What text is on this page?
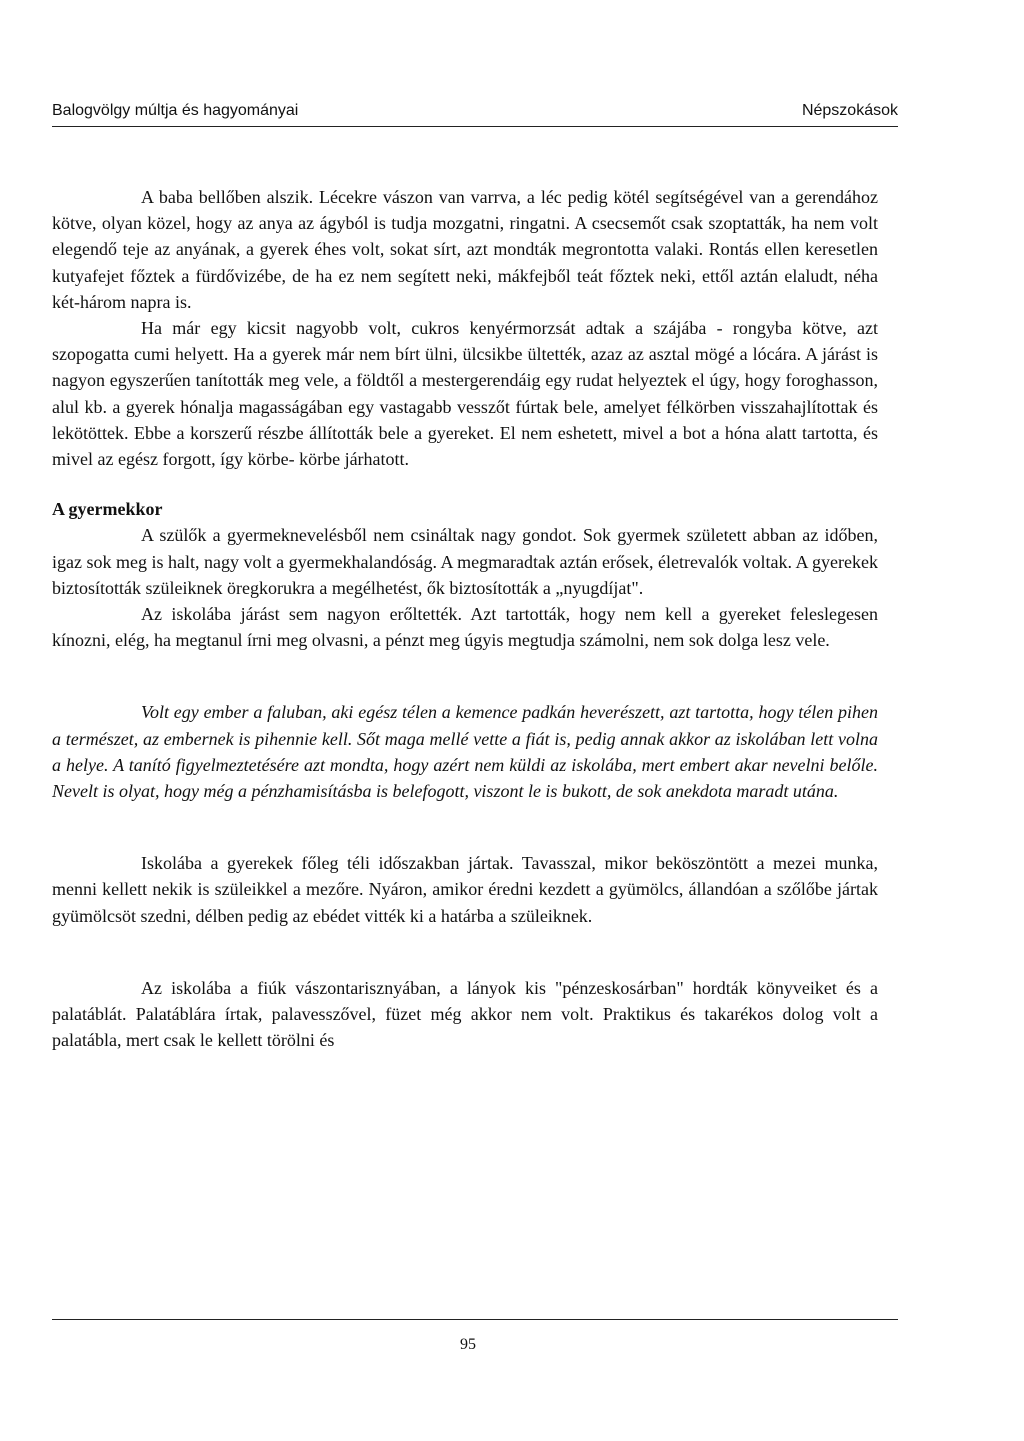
Balogvölgy múltja és hagyományai	Népszokások

A baba bellőben alszik. Lécekre vászon van varrva, a léc pedig kötél segítségével van a gerendához kötve, olyan közel, hogy az anya az ágyból is tudja mozgatni, ringatni. A csecsemőt csak szoptatták, ha nem volt elegendő teje az anyának, a gyerek éhes volt, sokat sírt, azt mondták megrontotta valaki. Rontás ellen keresetlen kutyafejet főztek a fürdővizébe, de ha ez nem segített neki, mákfejből teát főztek neki, ettől aztán elaludt, néha két-három napra is.

Ha már egy kicsit nagyobb volt, cukros kenyérmorzsát adtak a szájába - rongyba kötve, azt szopogatta cumi helyett. Ha a gyerek már nem bírt ülni, ülcsikbe ültették, azaz az asztal mögé a lócára. A járást is nagyon egyszerűen tanították meg vele, a földtől a mestergerendáig egy rudat helyeztek el úgy, hogy foroghasson, alul kb. a gyerek hónalja magasságában egy vastagabb vesszőt fúrtak bele, amelyet félkörben visszahajlítottak és lekötöttek. Ebbe a korszerű részbe állították bele a gyereket. El nem eshetett, mivel a bot a hóna alatt tartotta, és mivel az egész forgott, így körbe- körbe járhatott.

A gyermekkor

A szülők a gyermeknevelésből nem csináltak nagy gondot. Sok gyermek született abban az időben, igaz sok meg is halt, nagy volt a gyermekhalandóság. A megmaradtak aztán erősek, életrevalók voltak. A gyerekek biztosították szüleiknek öregkorukra a megélhetést, ők biztosították a „nyugdíjat".

Az iskolába járást sem nagyon erőltették. Azt tartották, hogy nem kell a gyereket feleslegesen kínozni, elég, ha megtanul írni meg olvasni, a pénzt meg úgyis megtudja számolni, nem sok dolga lesz vele.

Volt egy ember a faluban, aki egész télen a kemence padkán heverészett, azt tartotta, hogy télen pihen a természet, az embernek is pihennie kell. Sőt maga mellé vette a fiát is, pedig annak akkor az iskolában lett volna a helye. A tanító figyelmeztetésére azt mondta, hogy azért nem küldi az iskolába, mert embert akar nevelni belőle. Nevelt is olyat, hogy még a pénzhamisításba is belefogott, viszont le is bukott, de sok anekdota maradt utána.

Iskolába a gyerekek főleg téli időszakban jártak. Tavasszal, mikor beköszöntött a mezei munka, menni kellett nekik is szüleikkel a mezőre. Nyáron, amikor éredni kezdett a gyümölcs, állandóan a szőlőbe jártak gyümölcsöt szedni, délben pedig az ebédet vitték ki a határba a szüleiknek.

Az iskolába a fiúk vászontarisznyában, a lányok kis "pénzeskosárban" hordták könyveiket és a palatáblát. Palatáblára írtak, palavesszővel, füzet még akkor nem volt. Praktikus és takarékos dolog volt a palatábla, mert csak le kellett törölni és

95
